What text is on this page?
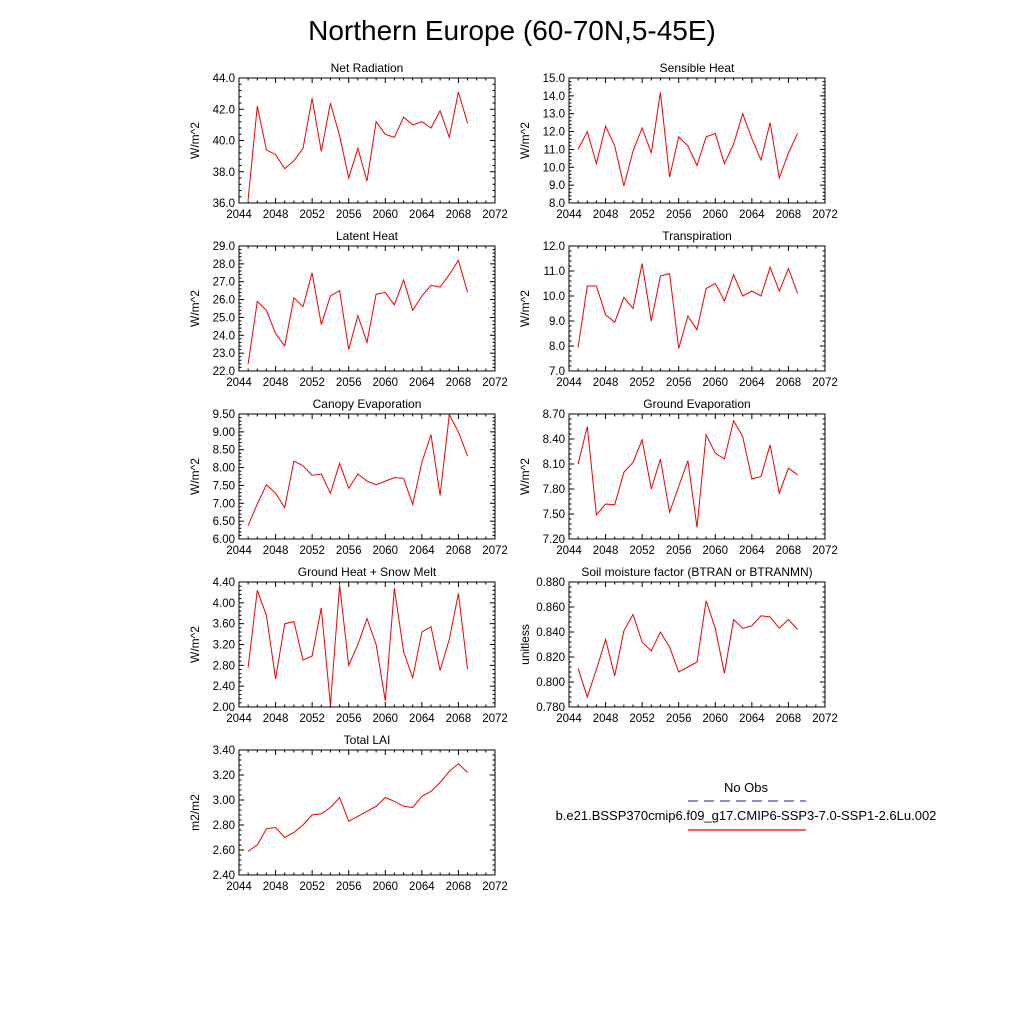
Northern Europe (60-70N,5-45E)
Net Radiation
W/m^2
2044 2048 2052 2056 2060 2064 2068 2072
36.0
38.0
40.0
42.0
44.0
Sensible Heat
W/m^2
2044 2048 2052 2056 2060 2064 2068 2072
8.0
9.0
10.0
11.0
12.0
13.0
14.0
15.0
Latent Heat
W/m^2
2044 2048 2052 2056 2060 2064 2068 2072
22.0
23.0
24.0
25.0
26.0
27.0
28.0
29.0
Transpiration
W/m^2
2044 2048 2052 2056 2060 2064 2068 2072
7.0
8.0
9.0
10.0
11.0
12.0
Canopy Evaporation
W/m^2
2044 2048 2052 2056 2060 2064 2068 2072
6.00
6.50
7.00
7.50
8.00
8.50
9.00
9.50
Ground Evaporation
W/m^2
2044 2048 2052 2056 2060 2064 2068 2072
7.20
7.50
7.80
8.10
8.40
8.70
Ground Heat + Snow Melt
W/m^2
2044 2048 2052 2056 2060 2064 2068 2072
2.00
2.40
2.80
3.20
3.60
4.00
4.40
Soil moisture factor (BTRAN or BTRANMN)
unitless
2044 2048 2052 2056 2060 2064 2068 2072
0.780
0.800
0.820
0.840
0.860
0.880
Total LAI
m2/m2
2044 2048 2052 2056 2060 2064 2068 2072
2.40
2.60
2.80
3.00
3.20
3.40
No Obs
b.e21.BSSP370cmip6.f09_g17.CMIP6-SSP3-7.0-SSP1-2.6Lu.002
